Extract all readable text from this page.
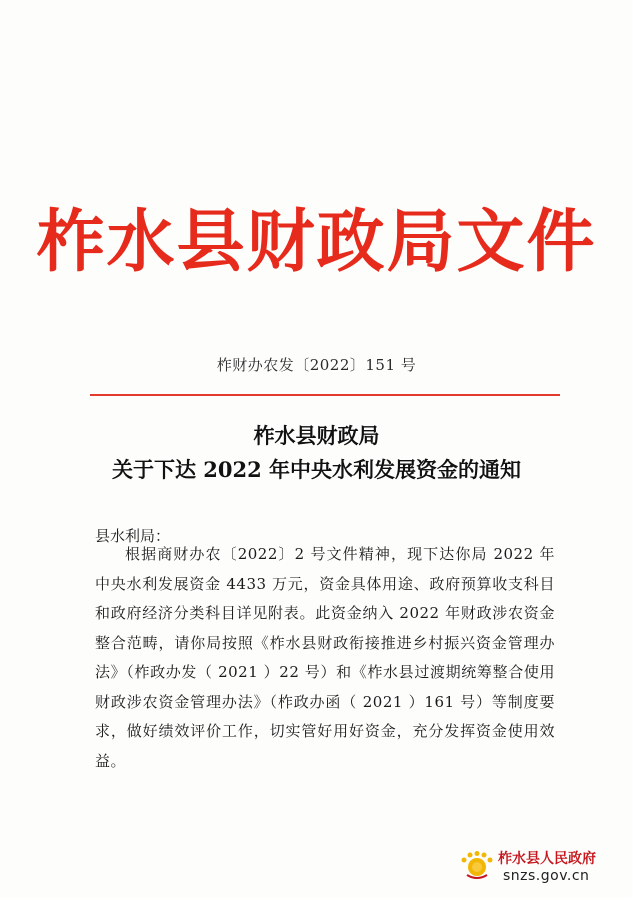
柞水县财政局文件
柞财办农发〔2022〕151 号
柞水县财政局
关于下达 2022 年中央水利发展资金的通知
县水利局：

根据商财办农〔2022〕2 号文件精神，现下达你局 2022 年中央水利发展资金 4433 万元，资金具体用途、政府预算收支科目和政府经济分类科目详见附表。此资金纳入 2022 年财政涉农资金整合范畴，请你局按照《柞水县财政衔接推进乡村振兴资金管理办法》（柞政办发（ 2021 ）22 号）和《柞水县过渡期统筹整合使用财政涉农资金管理办法》（柞政办函（ 2021 ）161 号）等制度要求，做好绩效评价工作，切实管好用好资金，充分发挥资金使用效益。

柞水县人民政府
snzs.gov.cn
